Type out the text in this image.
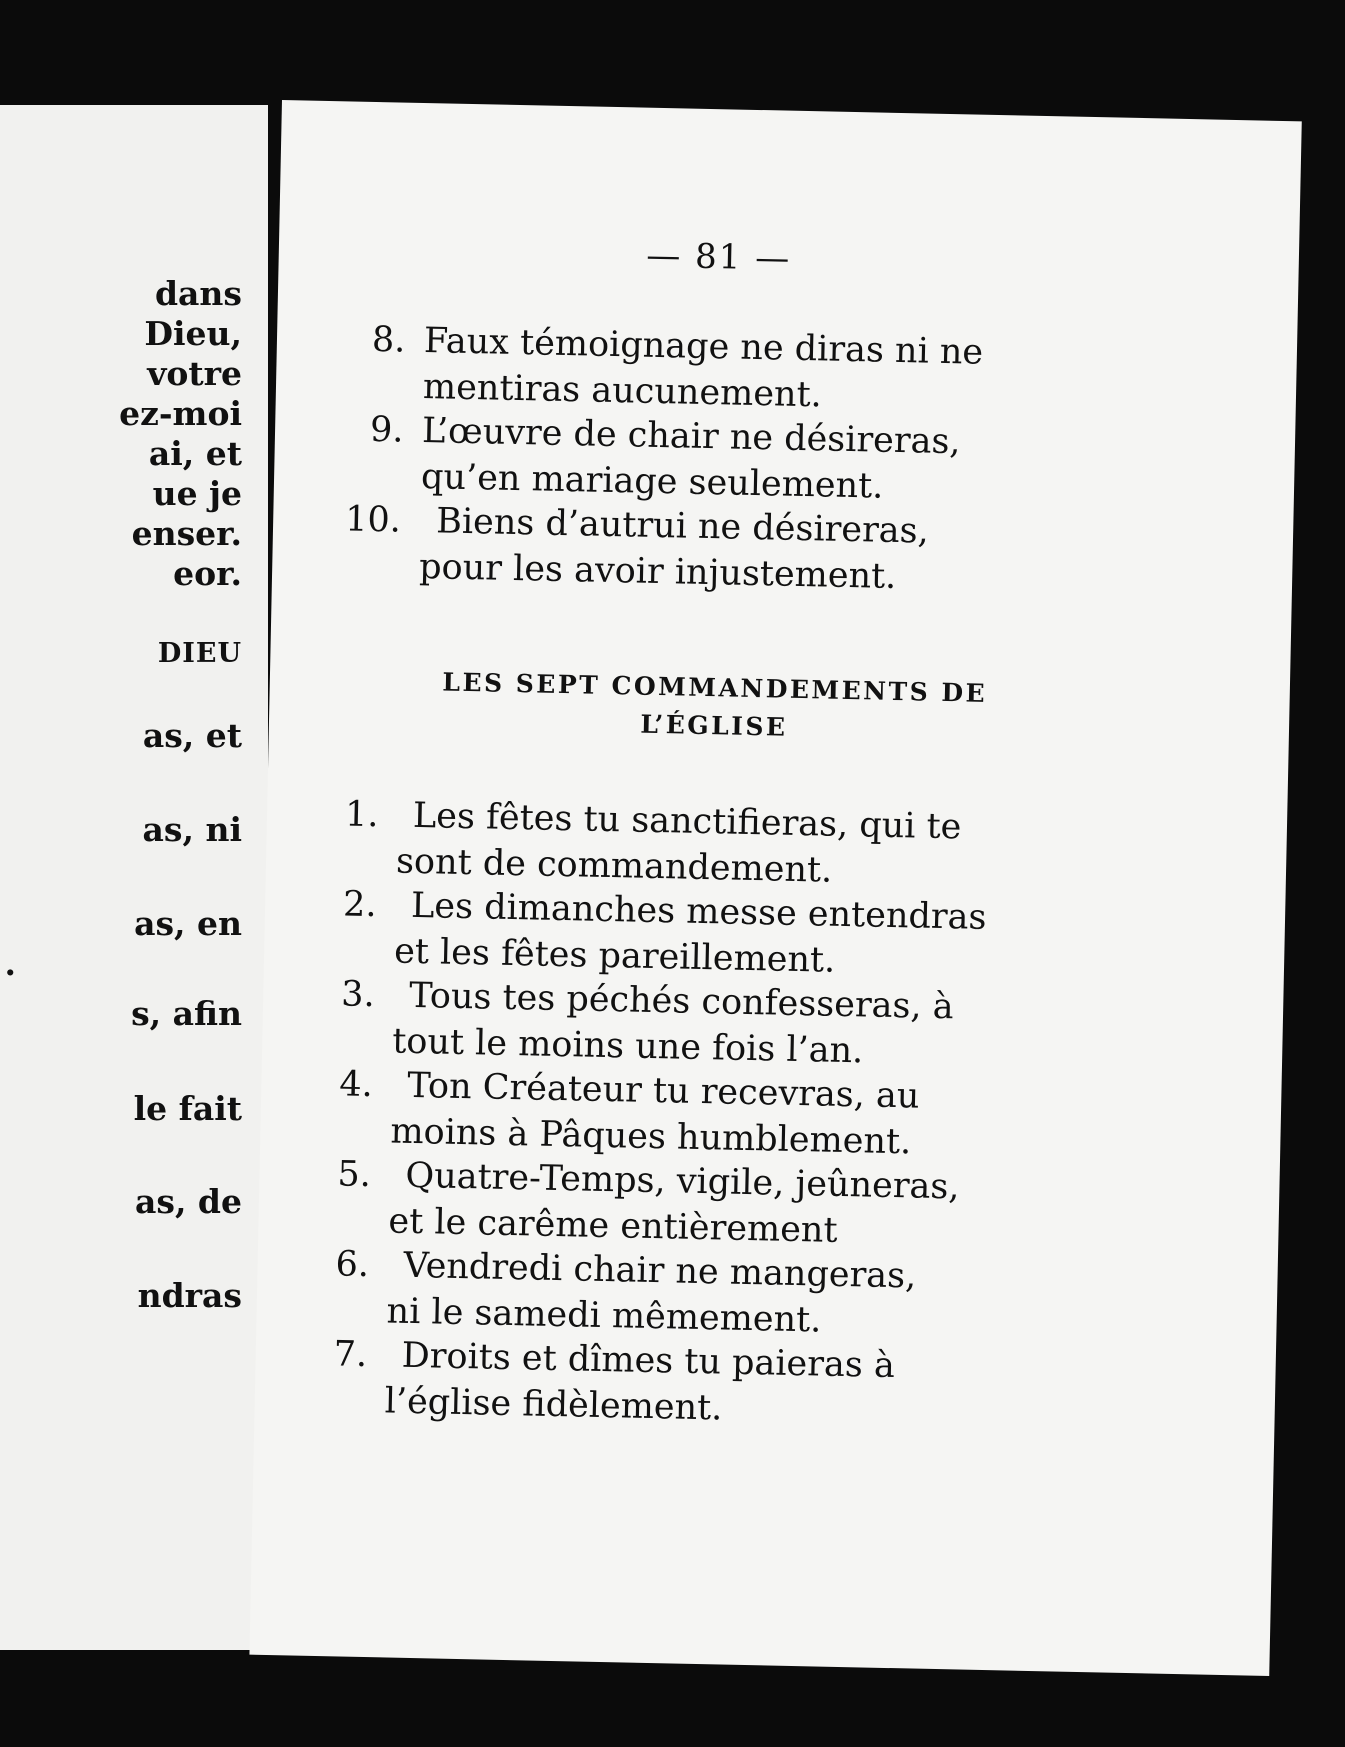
dans
Dieu,
votre
ez-moi
ai, et
ue je
enser.
eor.
DIEU
as, et
as, ni
as, en
.
s, afin
le fait
as, de
ndras
— 81 —
8. Faux témoignage ne diras ni ne
mentiras aucunement.
9. L’œuvre de chair ne désireras,
qu’en mariage seulement.
10. Biens d’autrui ne désireras,
pour les avoir injustement.
LES SEPT COMMANDEMENTS DE
L’ÉGLISE
1. Les fêtes tu sanctifieras, qui te
sont de commandement.
2. Les dimanches messe entendras
et les fêtes pareillement.
3. Tous tes péchés confesseras, à
tout le moins une fois l’an.
4. Ton Créateur tu recevras, au
moins à Pâques humblement.
5. Quatre-Temps, vigile, jeûneras,
et le carême entièrement
6. Vendredi chair ne mangeras,
ni le samedi mêmement.
7. Droits et dîmes tu paieras à
l’église fidèlement.
